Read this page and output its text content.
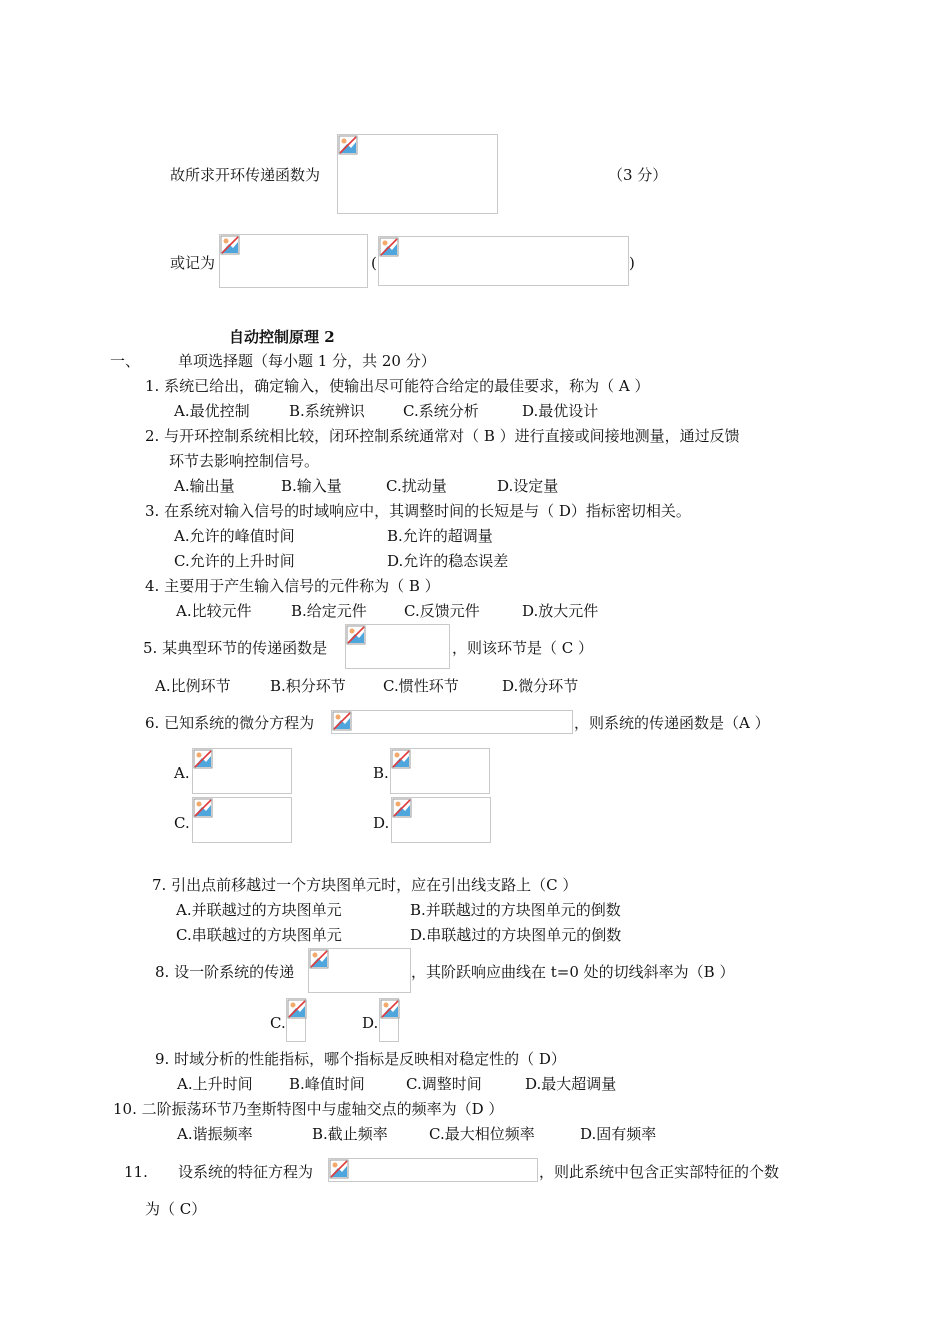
故所求开环传递函数为	（3 分）
或记为	(	)
自动控制原理 2
一、	单项选择题（每小题 1 分，共 20 分）
1. 系统已给出，确定输入，使输出尽可能符合给定的最佳要求，称为（ A ）
A.最优控制	B.系统辨识	C.系统分析	D.最优设计
2. 与开环控制系统相比较，闭环控制系统通常对（ B ）进行直接或间接地测量，通过反馈
环节去影响控制信号。
A.输出量	B.输入量	C.扰动量	D.设定量
3. 在系统对输入信号的时域响应中，其调整时间的长短是与（ D）指标密切相关。
A.允许的峰值时间	B.允许的超调量
C.允许的上升时间	D.允许的稳态误差
4. 主要用于产生输入信号的元件称为（ B ）
A.比较元件	B.给定元件 C.反馈元件	D.放大元件
5. 某典型环节的传递函数是	，则该环节是（ C ）
A.比例环节	B.积分环节 C.惯性环节	D.微分环节
6. 已知系统的微分方程为	，则系统的传递函数是（A ）
A.	B.
C.	D.
7. 引出点前移越过一个方块图单元时，应在引出线支路上（C ）
A.并联越过的方块图单元	B.并联越过的方块图单元的倒数
C.串联越过的方块图单元	D.串联越过的方块图单元的倒数
8. 设一阶系统的传递	，其阶跃响应曲线在 t=0 处的切线斜率为（B ）
C.	D.
9. 时域分析的性能指标，哪个指标是反映相对稳定性的（ D）
A.上升时间 B.峰值时间	C.调整时间	D.最大超调量
10. 二阶振荡环节乃奎斯特图中与虚轴交点的频率为（D ）
A.谐振频率	B.截止频率	C.最大相位频率	D.固有频率
11. 设系统的特征方程为	，则此系统中包含正实部特征的个数
为（ C）
